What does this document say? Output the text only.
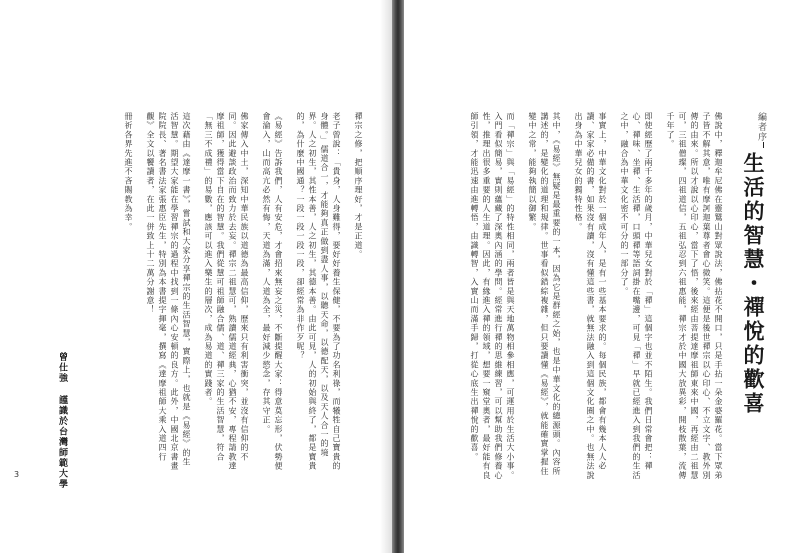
禪宗之修，把順序理好，才是正道。

老子曾說：「貴身，人身難得，要好好養生保健，不要為了功名利祿，而犧牲自己寶貴的身體。」儒道合一，才能夠真正做到盡人事，以聽天命，以德配天，以及天人合一的境界。人之初生，其性本善，人之初生，其德本善。由此可見，人的初始與終了，都是寶貴的，為什麼中國通？一段一段一段一段，卻經常為非作歹呢？

《易經》告訴我們，人有安危，才會招來無妄之災，不斷提醒大家：得意莫忘形，伏勢便會淪入，山而高亢必然有悔，天道為滿，人道為全，最好減少慾念，存其守正。

佛家傳入中土，深知中華民族以道德為最高信仰，歷來只有利害衝突，並沒有信仰的不同。因此避談政治而致力於去妄。禪宗二祖慧可，熟讀儒道經典，心猶不安，專程請教達摩祖師，獲得當下自在的智慧。我們從慧可祖師融合儒、道、禪三家的生活智慧，符合「無三不成禮」的易數，應該可以進入樂生的層次，成為易道的實踐者。

這次藉由《達摩一書》，嘗試和大家分享禪宗的生活智慧，實際上，也就是《易經》的生活智慧。期望大家能在學習禪宗的過程中找到一條內心安頓的良方。此外，中國北京書畫院院長、著名書法家張惠臣先生，特別為本書提字揮毫，撰寫《達摩祖師大乘入道四行觀》全文以饗讀者，在此一併致上十二萬分謝意！

冊祈各界先進不吝賜教為幸。

曾仕強 謹識於台灣師範大學
3
編者序
生活的智慧・禪悅的歡喜

佛說中，釋迦牟尼佛在靈鷲山對眾說法，佛拈花不開口，只是手拈一朵金婆羅花。當下眾弟子皆不解其意，唯有摩訶迦葉尊者會心微笑。這便是後世禪宗以心印心、不立文字、教外別傳的由來。所以才說以心印心，當下了悟，後來經由菩提達摩祖師東來中國，再經由二祖慧可，三祖僧璨，四祖道信，五祖弘忍到六祖惠能，禪宗才於中國大放異彩，開枝散葉，流傳千年了。

即使經歷了兩千多年的歲月，中華兒女對於「禪」這個字也並不陌生。我們日常會把：禪心、禪味、坐禪、生活禪，口頭禪等語詞掛在嘴邊，可見「禪」早就已經進入到我們的生活之中，融合為中華文化密不可分的一部分了。

事實上，中華文化對於一個成年人，是有一些基本要求的。每個民族，都會有幾本人人必讀、家家必備的書，如果沒有讀，沒有懂這些書，就無法融入到這個文化圈之中。也無法說出身為中華兒女的獨特性格。

其中，《易經》無疑是最重要的一本，因為它是群經之始，也是中華文化的總源頭。內容所講述的，是變化的道理和規律。世事看似錯綜複雜，但只要讀懂《易經》，就能確實掌握住變中之常，能夠執簡以御繁。

而「禪宗」與「易經」的特性相同，兩者皆是與天地萬物相參相應，可運用於生活大小事。入門看似簡易，實則蘊藏了深奧內涵的學問。經常進行禪的思維練習，可以幫助我們修養心性，推理出很多重要的人生道理。因此，有緣進入禪的領域，想要一窺堂奧者，最好能有良師引領，才能迅速由進轉悟，由識轉智，入實山而滿手歸，打從心底生出禪悅的歡喜。
